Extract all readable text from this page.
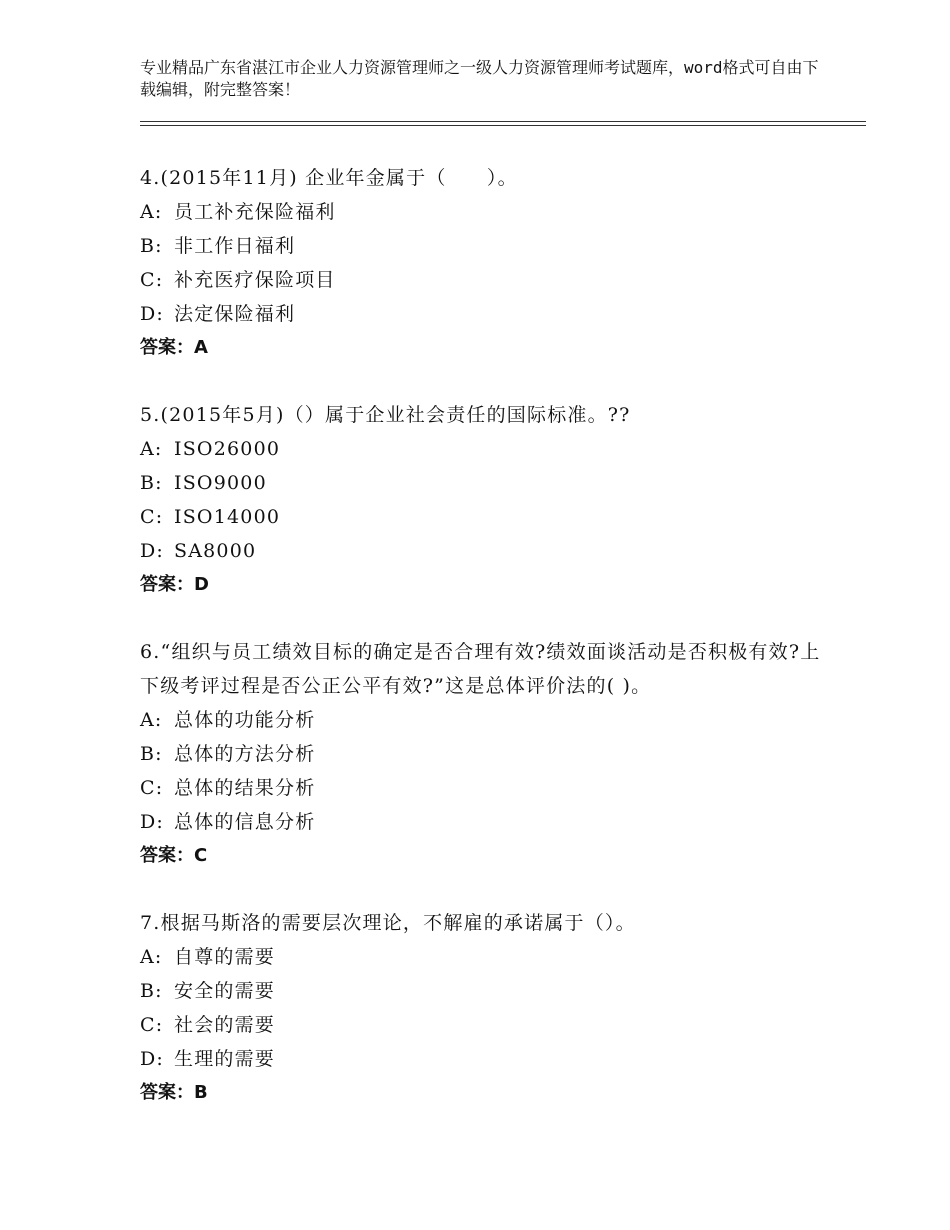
专业精品广东省湛江市企业人力资源管理师之一级人力资源管理师考试题库，word格式可自由下载编辑，附完整答案！

4.(2015年11月) 企业年金属于（　　）。

A: 员工补充保险福利

B: 非工作日福利

C: 补充医疗保险项目

D: 法定保险福利

答案：A

5.(2015年5月)（）属于企业社会责任的国际标准。??

A: ISO26000

B: ISO9000

C: ISO14000

D: SA8000

答案：D

6.“组织与员工绩效目标的确定是否合理有效?绩效面谈活动是否积极有效?上下级考评过程是否公正公平有效?”这是总体评价法的( )。

A: 总体的功能分析

B: 总体的方法分析

C: 总体的结果分析

D: 总体的信息分析

答案：C

7.根据马斯洛的需要层次理论，不解雇的承诺属于（）。

A: 自尊的需要

B: 安全的需要

C: 社会的需要

D: 生理的需要

答案：B
